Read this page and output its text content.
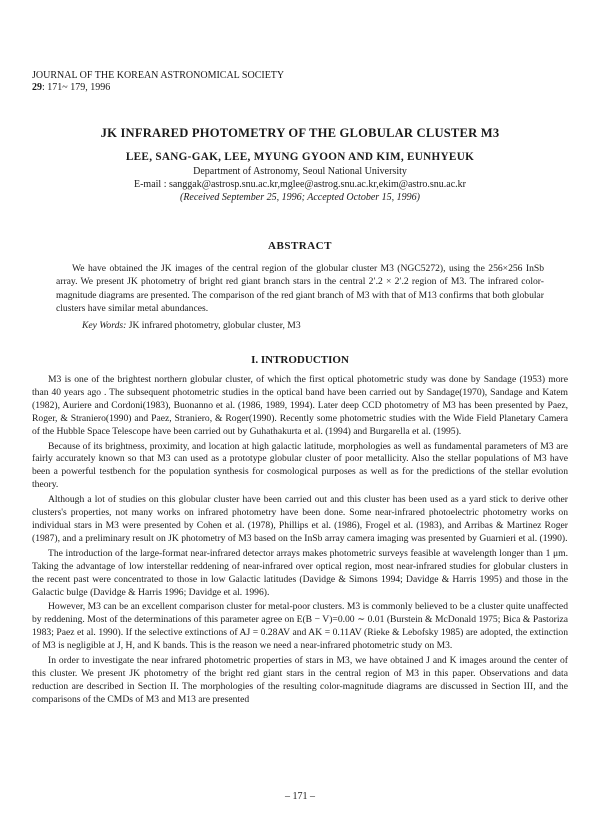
JOURNAL OF THE KOREAN ASTRONOMICAL SOCIETY
29: 171~ 179, 1996
JK INFRARED PHOTOMETRY OF THE GLOBULAR CLUSTER M3
LEE, SANG-GAK, LEE, MYUNG GYOON AND KIM, EUNHYEUK
Department of Astronomy, Seoul National University
E-mail : sanggak@astrosp.snu.ac.kr,mglee@astrog.snu.ac.kr,ekim@astro.snu.ac.kr
(Received September 25, 1996; Accepted October 15, 1996)
ABSTRACT

We have obtained the JK images of the central region of the globular cluster M3 (NGC5272), using the 256×256 InSb array. We present JK photometry of bright red giant branch stars in the central 2′.2 × 2′.2 region of M3. The infrared color-magnitude diagrams are presented. The comparison of the red giant branch of M3 with that of M13 confirms that both globular clusters have similar metal abundances.

Key Words: JK infrared photometry, globular cluster, M3
I. INTRODUCTION

M3 is one of the brightest northern globular cluster, of which the first optical photometric study was done by Sandage (1953) more than 40 years ago . The subsequent photometric studies in the optical band have been carried out by Sandage(1970), Sandage and Katem (1982), Auriere and Cordoni(1983), Buonanno et al. (1986, 1989, 1994). Later deep CCD photometry of M3 has been presented by Paez, Roger, & Straniero(1990) and Paez, Straniero, & Roger(1990). Recently some photometric studies with the Wide Field Planetary Camera of the Hubble Space Telescope have been carried out by Guhathakurta et al. (1994) and Burgarella et al. (1995).

Because of its brightness, proximity, and location at high galactic latitude, morphologies as well as fundamental parameters of M3 are fairly accurately known so that M3 can used as a prototype globular cluster of poor metallicity. Also the stellar populations of M3 have been a powerful testbench for the population synthesis for cosmological purposes as well as for the predictions of the stellar evolution theory.

Although a lot of studies on this globular cluster have been carried out and this cluster has been used as a yard stick to derive other clusters's properties, not many works on infrared photometry have been done. Some near-infrared photoelectric photometry works on individual stars in M3 were presented by Cohen et al. (1978), Phillips et al. (1986), Frogel et al. (1983), and Arribas & Martinez Roger (1987), and a preliminary result on JK photometry of M3 based on the InSb array camera imaging was presented by Guarnieri et al. (1990).

The introduction of the large-format near-infrared detector arrays makes photometric surveys feasible at wavelength longer than 1 μm. Taking the advantage of low interstellar reddening of near-infrared over optical region, most near-infrared studies for globular clusters in the recent past were concentrated to those in low Galactic latitudes (Davidge & Simons 1994; Davidge & Harris 1995) and those in the Galactic bulge (Davidge & Harris 1996; Davidge et al. 1996).

However, M3 can be an excellent comparison cluster for metal-poor clusters. M3 is commonly believed to be a cluster quite unaffected by reddening. Most of the determinations of this parameter agree on E(B − V)=0.00 ∼ 0.01 (Burstein & McDonald 1975; Bica & Pastoriza 1983; Paez et al. 1990). If the selective extinctions of AJ = 0.28AV and AK = 0.11AV (Rieke & Lebofsky 1985) are adopted, the extinction of M3 is negligible at J, H, and K bands. This is the reason we need a near-infrared photometric study on M3.

In order to investigate the near infrared photometric properties of stars in M3, we have obtained J and K images around the center of this cluster. We present JK photometry of the bright red giant stars in the central region of M3 in this paper. Observations and data reduction are described in Section II. The morphologies of the resulting color-magnitude diagrams are discussed in Section III, and the comparisons of the CMDs of M3 and M13 are presented

– 171 –
